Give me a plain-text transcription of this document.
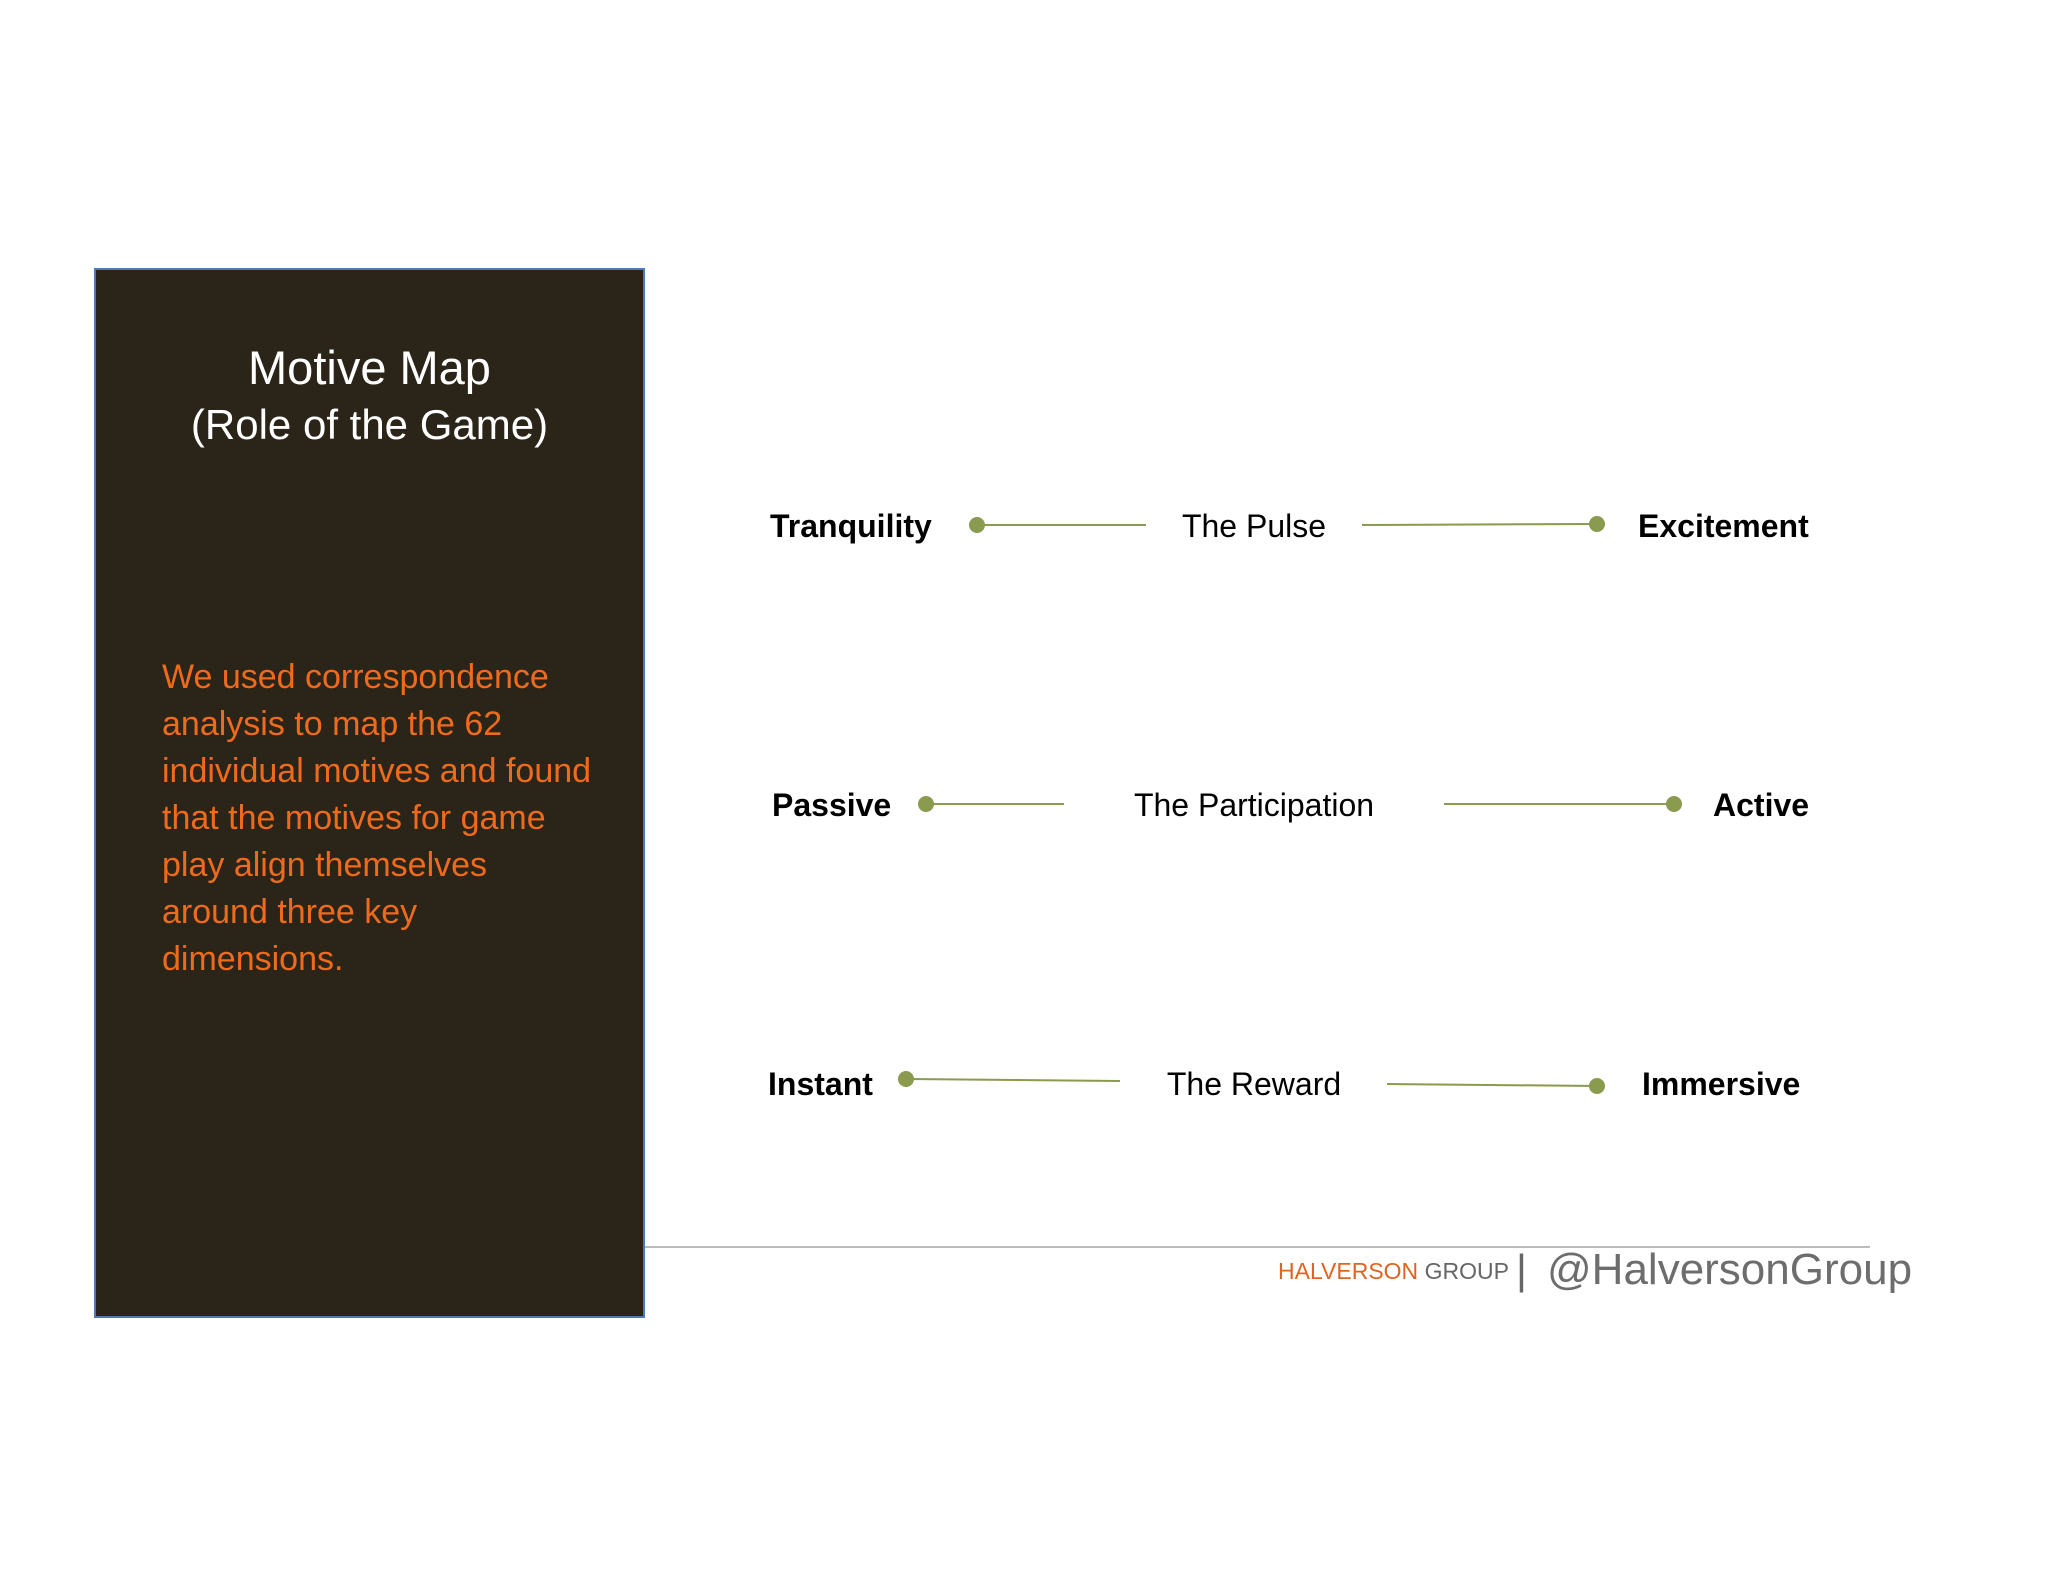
Motive Map
(Role of the Game)
We used correspondence analysis to map the 62 individual motives and found that the motives for game play align themselves around three key dimensions.
Tranquility	The Pulse	Excitement
Passive	The Participation	Active
Instant	The Reward	Immersive
HALVERSON GROUP | @HalversonGroup
